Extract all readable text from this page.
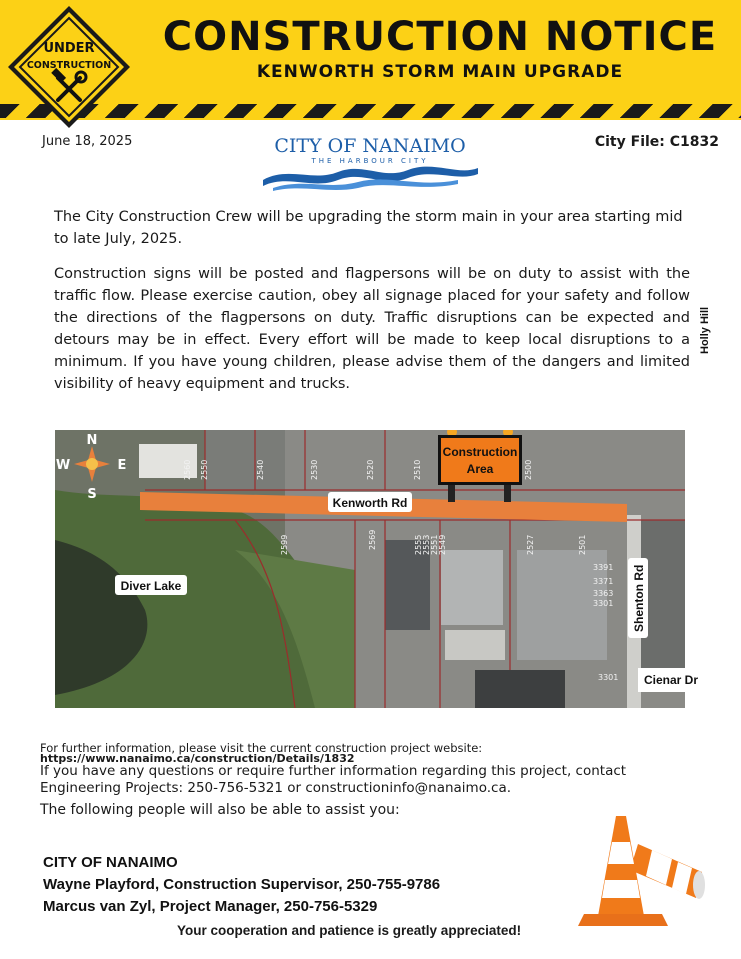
CONSTRUCTION NOTICE
KENWORTH STORM MAIN UPGRADE
UNDER
CONSTRUCTION
June 18, 2025	City File: C1832
CITY OF NANAIMO
THE HARBOUR CITY

The City Construction Crew will be upgrading the storm main in your area starting mid to late July, 2025.

Construction signs will be posted and flagpersons will be on duty to assist with the traffic flow. Please exercise caution, obey all signage placed for your safety and follow the directions of the flagpersons on duty. Traffic disruptions can be expected and detours may be in effect. Every effort will be made to keep local disruptions to a minimum. If you have young children, please advise them of the dangers and limited visibility of heavy equipment and trucks.

Holly Hill
2560 2550	2540	2530	2520	2510	2500
2569	2555 2553 2551 2549	2527	2501
3391
3371
3363
3301
2599
3301
Construction
Area
Kenworth Rd
Diver Lake	Shenton Rd
N
S
E
W
Cienar Dr
For further information, please visit the current construction project website:
https://www.nanaimo.ca/construction/Details/1832
If you have any questions or require further information regarding this project, contact Engineering Projects: 250-756-5321 or constructioninfo@nanaimo.ca.
The following people will also be able to assist you:
CITY OF NANAIMO
Wayne Playford, Construction Supervisor, 250-755-9786
Marcus van Zyl, Project Manager, 250-756-5329
Your cooperation and patience is greatly appreciated!
